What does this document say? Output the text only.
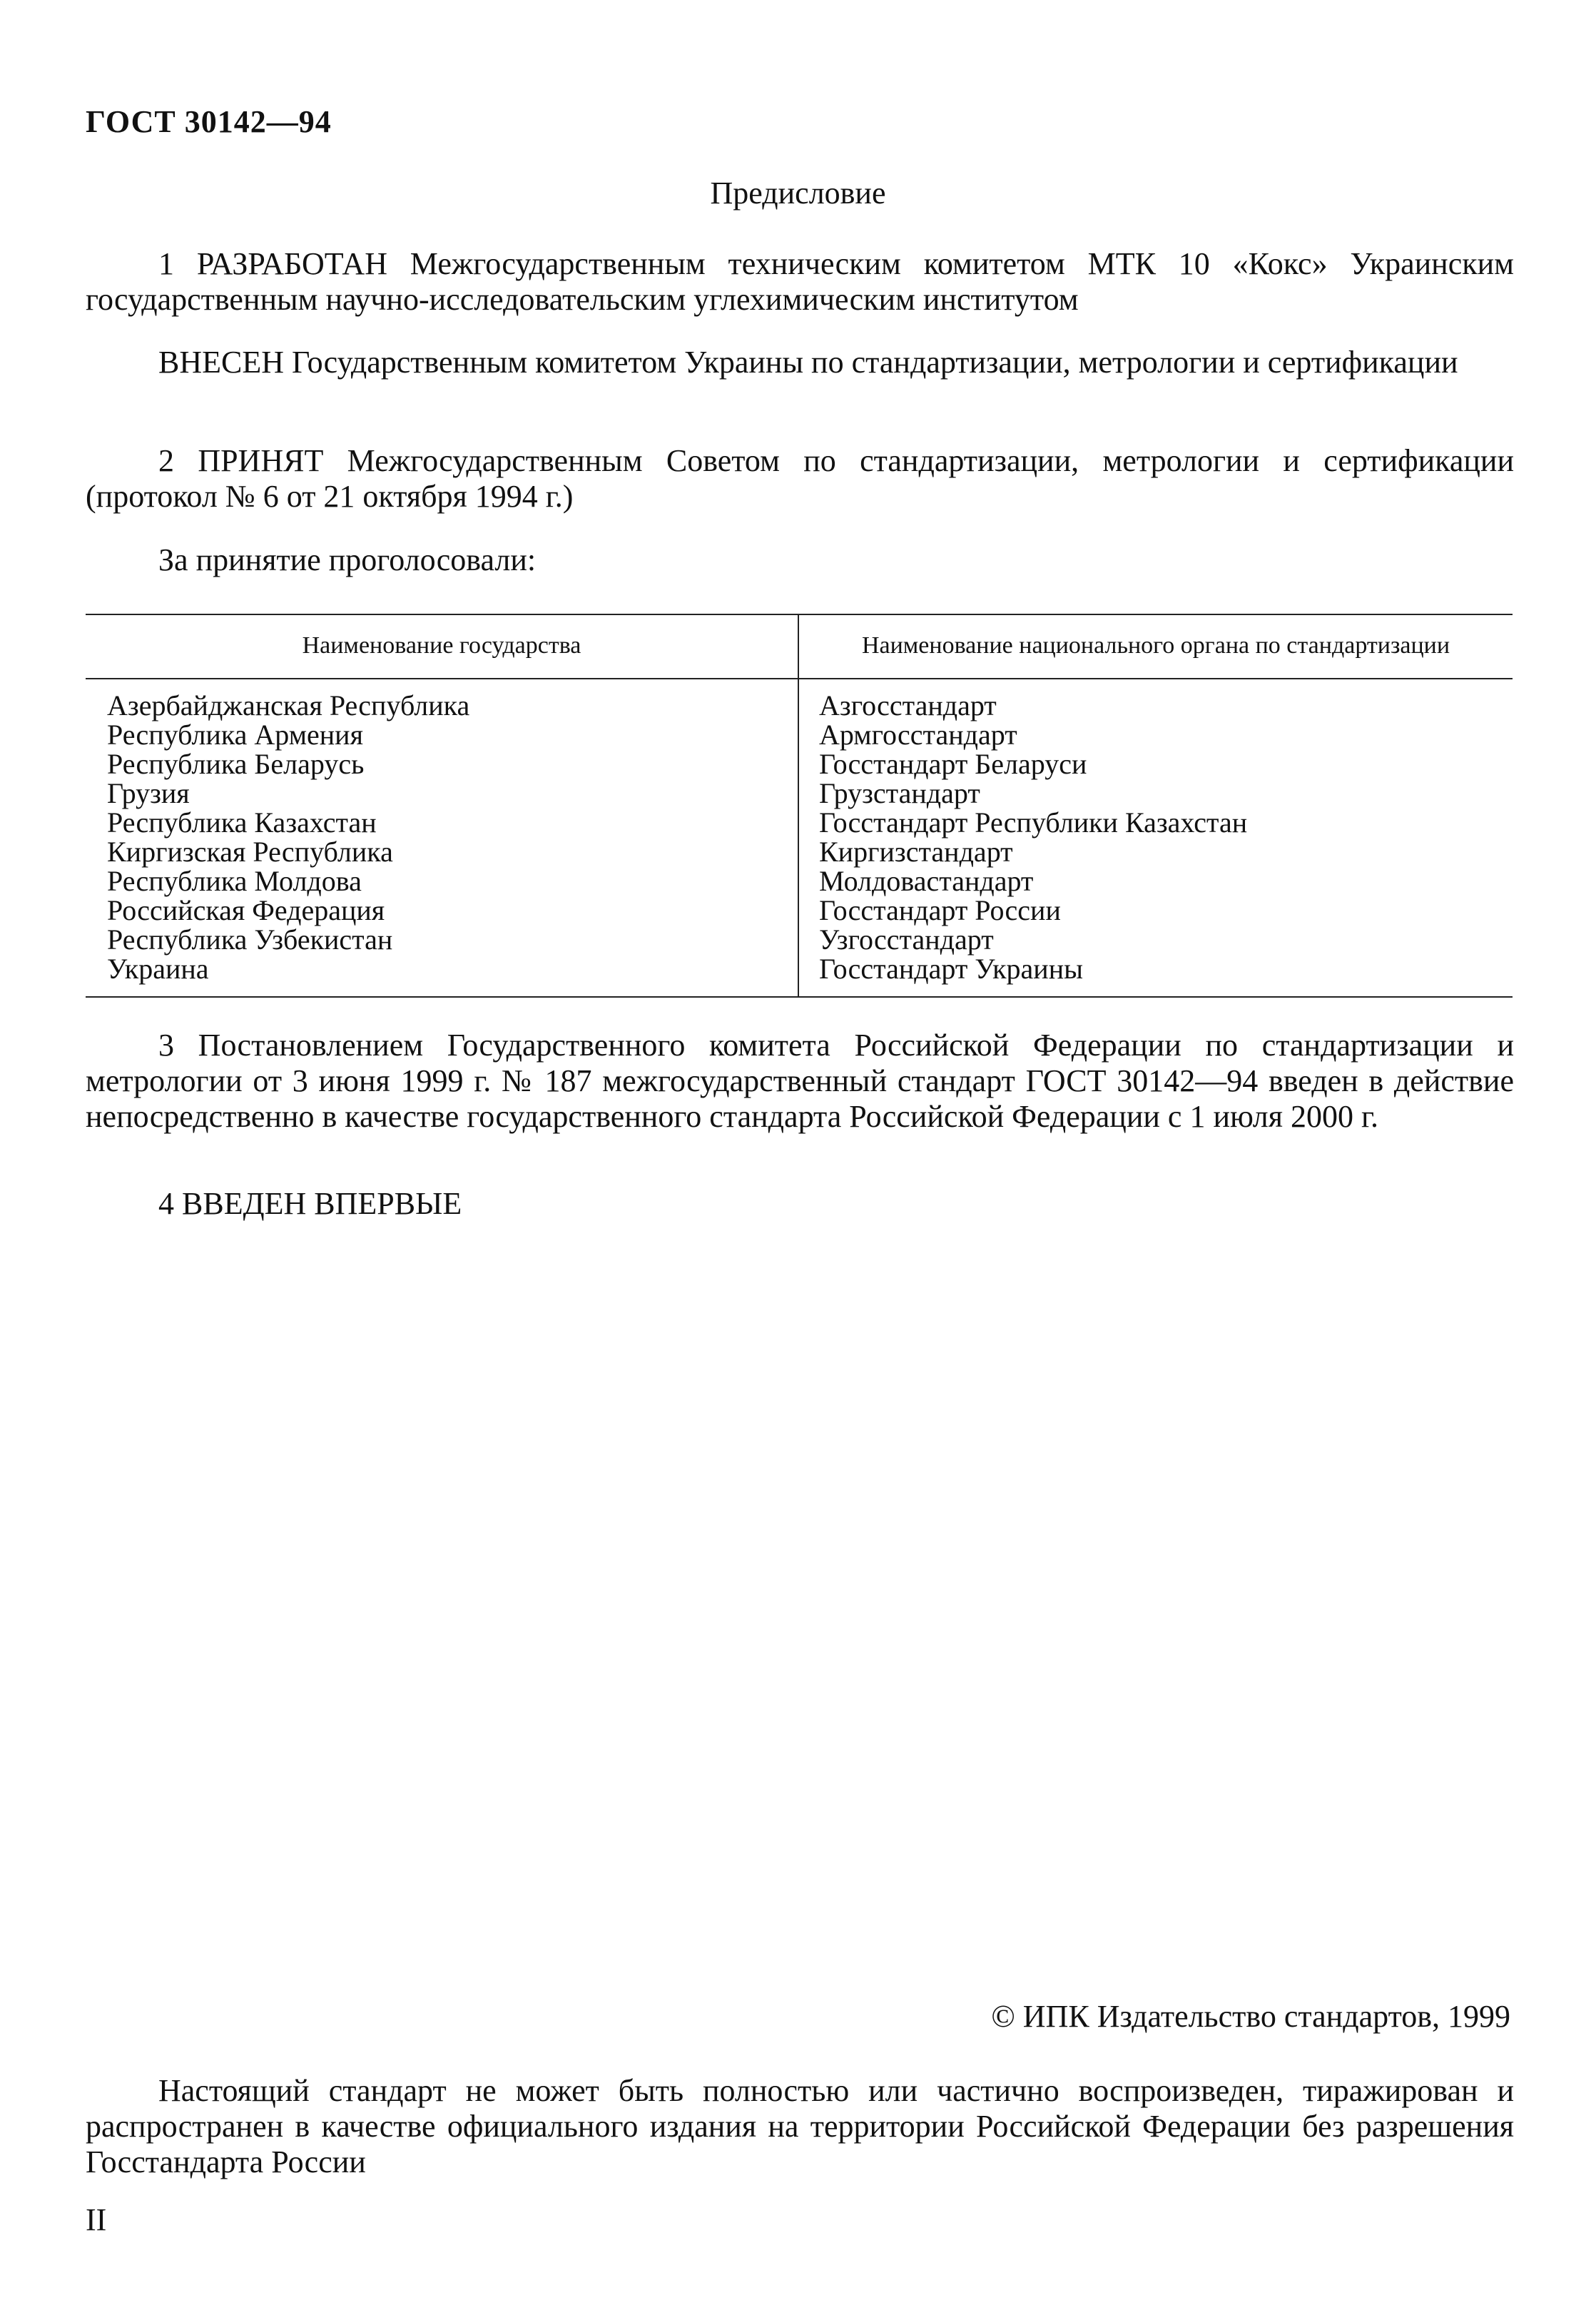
ГОСТ 30142—94
Предисловие
1 РАЗРАБОТАН Межгосударственным техническим комитетом МТК 10 «Кокс» Украинским государственным научно-исследовательским углехимическим институтом
ВНЕСЕН Государственным комитетом Украины по стандартизации, метрологии и сертификации
2 ПРИНЯТ Межгосударственным Советом по стандартизации, метрологии и сертификации (протокол № 6 от 21 октября 1994 г.)
За принятие проголосовали:
Наименование государства	Наименование национального органа по стандартизации
Азербайджанская Республика
Республика Армения
Республика Беларусь
Грузия
Республика Казахстан
Киргизская Республика
Республика Молдова
Российская Федерация
Республика Узбекистан
Украина
Азгосстандарт
Армгосстандарт
Госстандарт Беларуси
Грузстандарт
Госстандарт Республики Казахстан
Киргизстандарт
Молдовастандарт
Госстандарт России
Узгосстандарт
Госстандарт Украины
3 Постановлением Государственного комитета Российской Федерации по стандартизации и метрологии от 3 июня 1999 г. № 187 межгосударственный стандарт ГОСТ 30142—94 введен в действие непосредственно в качестве государственного стандарта Российской Федерации с 1 июля 2000 г.
4 ВВЕДЕН ВПЕРВЫЕ
© ИПК Издательство стандартов, 1999
Настоящий стандарт не может быть полностью или частично воспроизведен, тиражирован и распространен в качестве официального издания на территории Российской Федерации без разрешения Госстандарта России
II
